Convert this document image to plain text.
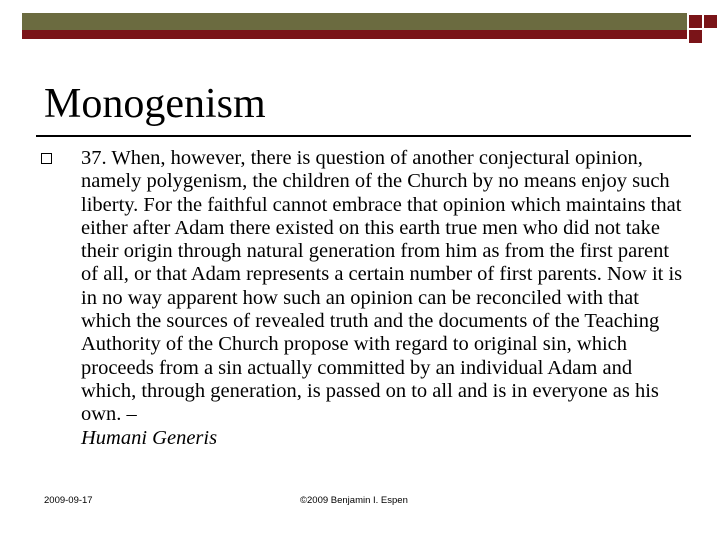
Monogenism

37. When, however, there is question of another conjectural opinion, namely polygenism, the children of the Church by no means enjoy such liberty. For the faithful cannot embrace that opinion which maintains that either after Adam there existed on this earth true men who did not take their origin through natural generation from him as from the first parent of all, or that Adam represents a certain number of first parents. Now it is in no way apparent how such an opinion can be reconciled with that which the sources of revealed truth and the documents of the Teaching Authority of the Church propose with regard to original sin, which proceeds from a sin actually committed by an individual Adam and which, through generation, is passed on to all and is in everyone as his own. –
Humani Generis

2009-09-17	©2009 Benjamin I. Espen
